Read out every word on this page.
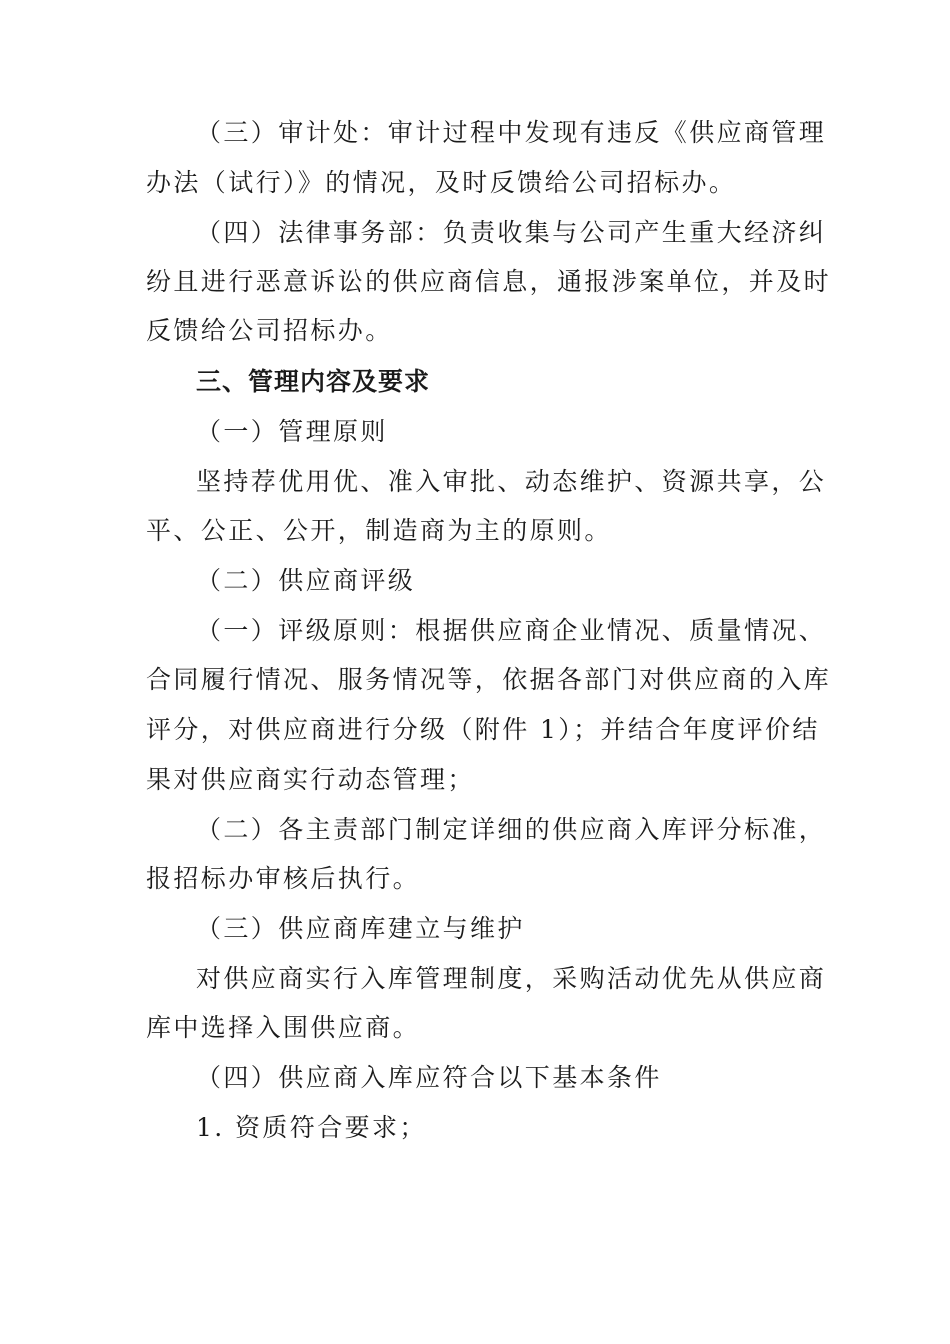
（三）审计处：审计过程中发现有违反《供应商管理
办法（试行）》的情况，及时反馈给公司招标办。
（四）法律事务部：负责收集与公司产生重大经济纠
纷且进行恶意诉讼的供应商信息，通报涉案单位，并及时
反馈给公司招标办。
三、管理内容及要求
（一）管理原则
坚持荐优用优、准入审批、动态维护、资源共享，公
平、公正、公开，制造商为主的原则。
（二）供应商评级
（一）评级原则：根据供应商企业情况、质量情况、
合同履行情况、服务情况等，依据各部门对供应商的入库
评分，对供应商进行分级（附件 1）；并结合年度评价结
果对供应商实行动态管理；
（二）各主责部门制定详细的供应商入库评分标准，
报招标办审核后执行。
（三）供应商库建立与维护
对供应商实行入库管理制度，采购活动优先从供应商
库中选择入围供应商。
（四）供应商入库应符合以下基本条件
1. 资质符合要求；
